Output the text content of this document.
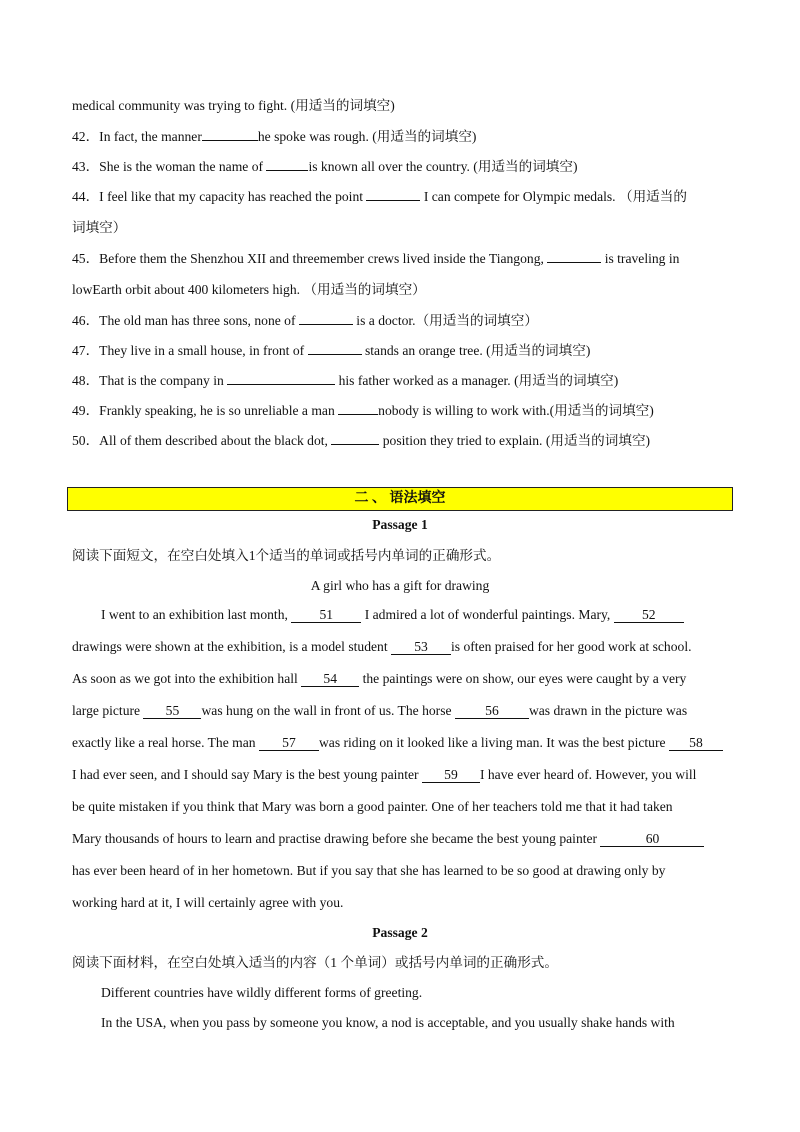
medical community was trying to fight. (用适当的词填空)
42．In fact, the manner	he spoke was rough. (用适当的词填空)
43．She is the woman the name of	is known all over the country. (用适当的词填空)
44．I feel like that my capacity has reached the point	I can compete for Olympic medals. （用适当的
词填空）
45．Before them the Shenzhou XII and threemember crews lived inside the Tiangong,	is traveling in
lowEarth orbit about 400 kilometers high. （用适当的词填空）
46．The old man has three sons, none of	is a doctor.（用适当的词填空）
47．They live in a small house, in front of	stands an orange tree. (用适当的词填空)
48．That is the company in	his father worked as a manager. (用适当的词填空)
49．Frankly speaking, he is so unreliable a man	nobody is willing to work with.(用适当的词填空)
50．All of them described about the black dot,	position they tried to explain. (用适当的词填空)
二 、 语法填空
Passage 1
阅读下面短文，在空白处填入1个适当的单词或括号内单词的正确形式。
A girl who has a gift for drawing
I went to an exhibition last month, 51 I admired a lot of wonderful paintings. Mary, 52
drawings were shown at the exhibition, is a model student 53 is often praised for her good work at school.
As soon as we got into the exhibition hall 54 the paintings were on show, our eyes were caught by a very
large picture 55 was hung on the wall in front of us. The horse 56 was drawn in the picture was
exactly like a real horse. The man 57 was riding on it looked like a living man. It was the best picture 58
I had ever seen, and I should say Mary is the best young painter 59 I have ever heard of. However, you will
be quite mistaken if you think that Mary was born a good painter. One of her teachers told me that it had taken
Mary thousands of hours to learn and practise drawing before she became the best young painter	60
has ever been heard of in her hometown. But if you say that she has learned to be so good at drawing only by
working hard at it, I will certainly agree with you.
Passage 2
阅读下面材料，在空白处填入适当的内容（1 个单词）或括号内单词的正确形式。
Different countries have wildly different forms of greeting.
In the USA, when you pass by someone you know, a nod is acceptable, and you usually shake hands with
